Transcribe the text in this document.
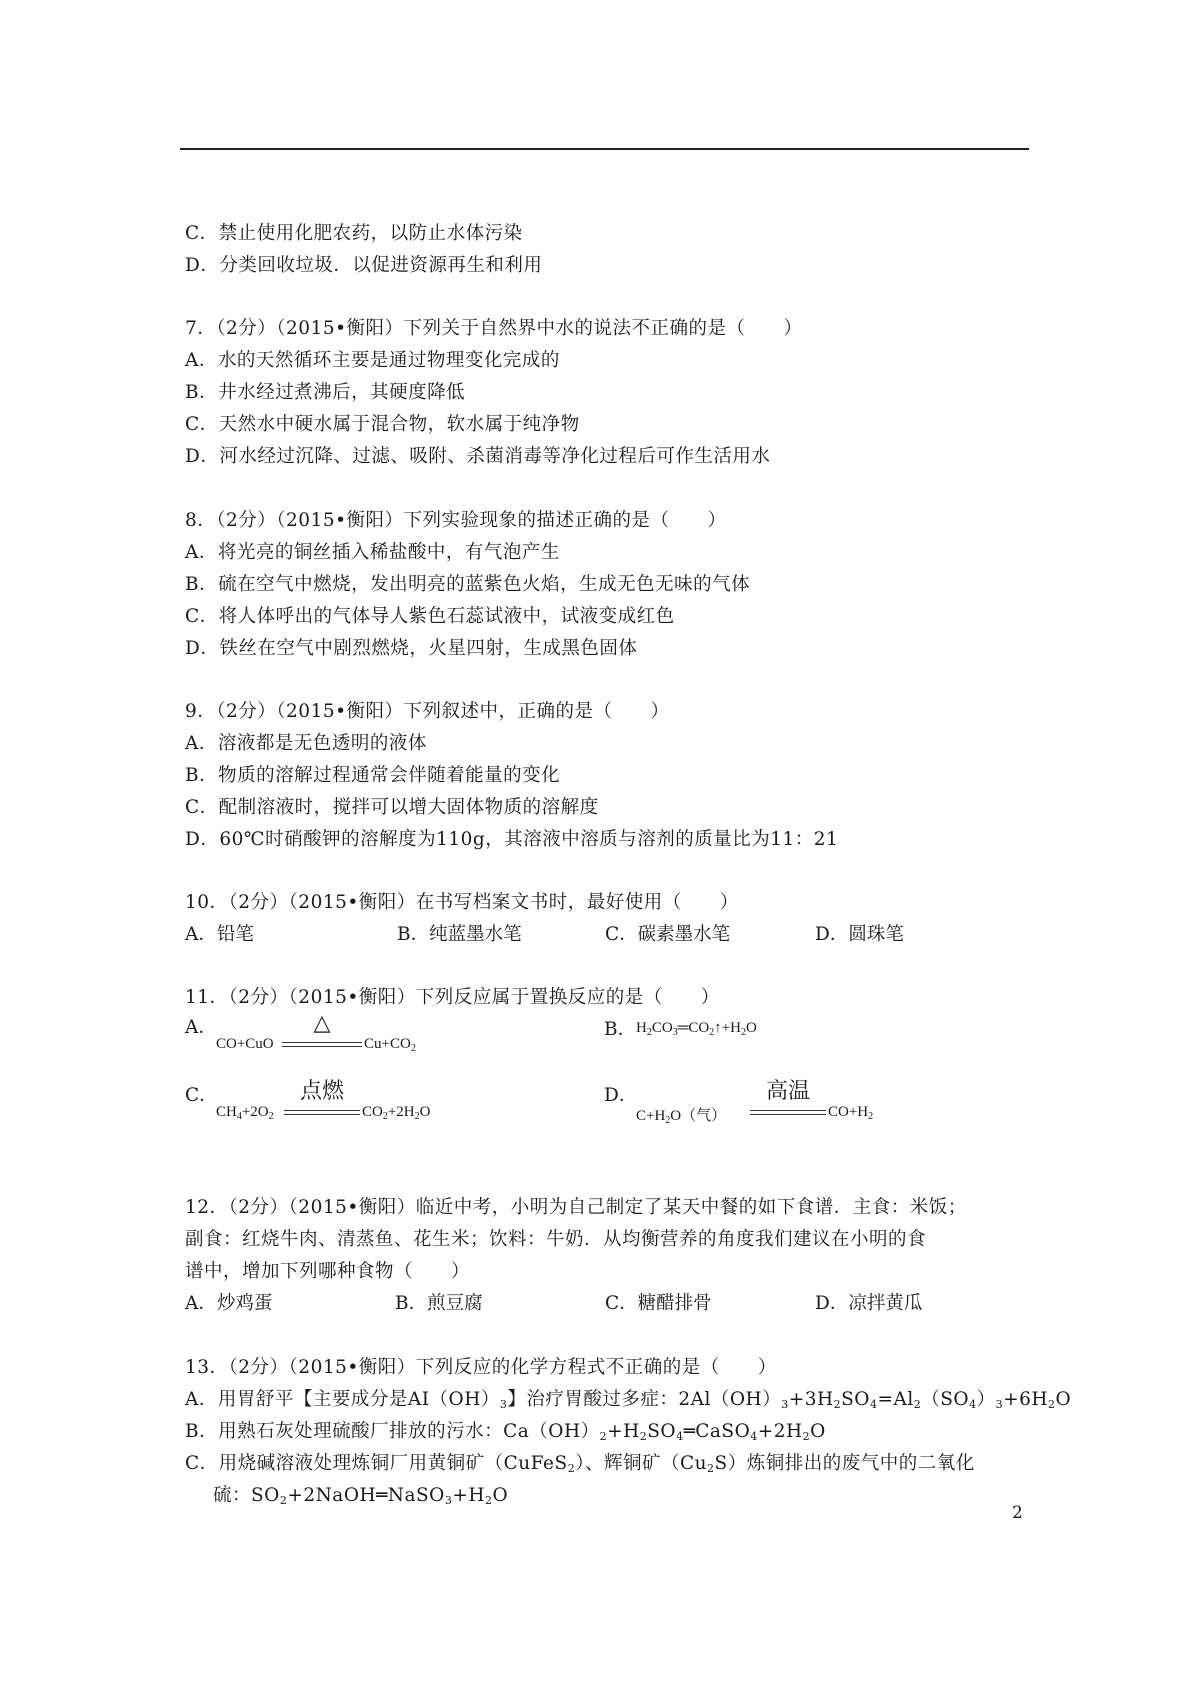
C．禁止使用化肥农药，以防止水体污染
D．分类回收垃圾．以促进资源再生和利用
7．（2分）（2015•衡阳）下列关于自然界中水的说法不正确的是（　　）
A．水的天然循环主要是通过物理变化完成的
B．井水经过煮沸后，其硬度降低
C．天然水中硬水属于混合物，软水属于纯净物
D．河水经过沉降、过滤、吸附、杀菌消毒等净化过程后可作生活用水
8．（2分）（2015•衡阳）下列实验现象的描述正确的是（　　）
A．将光亮的铜丝插入稀盐酸中，有气泡产生
B．硫在空气中燃烧，发出明亮的蓝紫色火焰，生成无色无味的气体
C．将人体呼出的气体导人紫色石蕊试液中，试液变成红色
D．铁丝在空气中剧烈燃烧，火星四射，生成黑色固体
9．（2分）（2015•衡阳）下列叙述中，正确的是（　　）
A．溶液都是无色透明的液体
B．物质的溶解过程通常会伴随着能量的变化
C．配制溶液时，搅拌可以增大固体物质的溶解度
D．60℃时硝酸钾的溶解度为110g，其溶液中溶质与溶剂的质量比为11：21
10．（2分）（2015•衡阳）在书写档案文书时，最好使用（　　）
A．铅笔	B．纯蓝墨水笔	C．碳素墨水笔	D．圆珠笔
11．（2分）（2015•衡阳）下列反应属于置换反应的是（　　）
A．
CO+CuO
△
$Cu+CO_2$
B． $H_2CO_3═CO_2↑+H_2O$
C．
$CH_4+2O_2$
点燃
$CO_2+2H_2O$
D．
$C+H_2O$（气）
高温
$CO+H_2$
12．（2分）（2015•衡阳）临近中考，小明为自己制定了某天中餐的如下食谱．主食：米饭；
副食：红烧牛肉、清蒸鱼、花生米；饮料：牛奶．从均衡营养的角度我们建议在小明的食
谱中，增加下列哪种食物（　　）
A．炒鸡蛋	B．煎豆腐	C．糖醋排骨	D．凉拌黄瓜
13．（2分）（2015•衡阳）下列反应的化学方程式不正确的是（　　）
A．用胃舒平【主要成分是$AI(OH)_3$】治疗胃酸过多症：$2Al(OH)_3+3H_2SO_4=Al_2(SO_4)_3+6H_2O$
B．用熟石灰处理硫酸厂排放的污水：$Ca(OH)_2+H_2SO_4═CaSO_4+2H_2O$
C．用烧碱溶液处理炼铜厂用黄铜矿（CuFeS$_2$）、辉铜矿$(Cu_2S)$炼铜排出的废气中的二氧化
硫：$SO_2+2NaOH═NaSO_3+H_2O$
2
